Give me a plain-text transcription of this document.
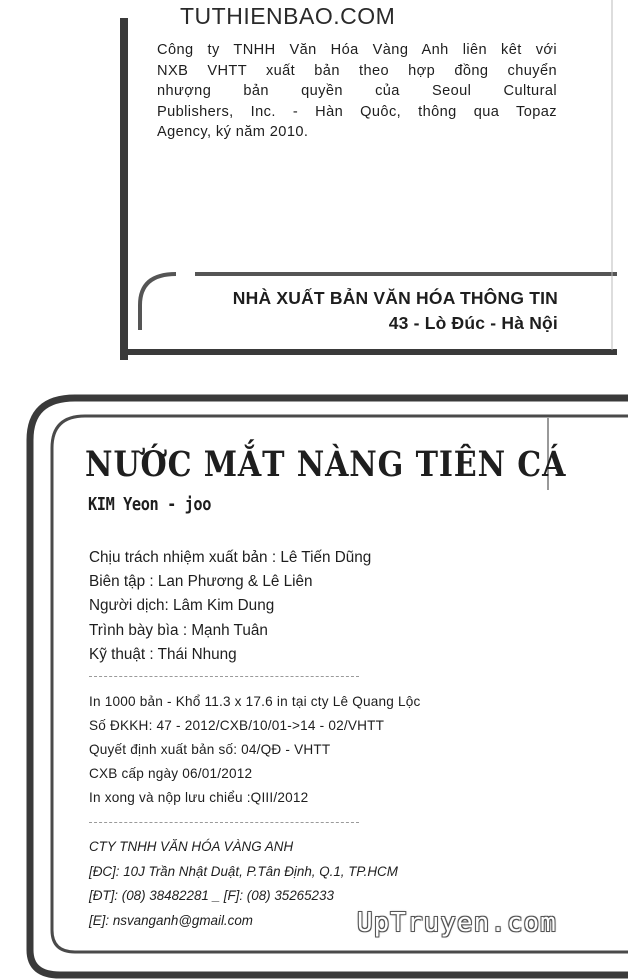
TUTHIENBAO.COM
Công ty TNHH Văn Hóa Vàng Anh liên kêt với
NXB VHTT xuất bản theo hợp đồng chuyển
nhượng bản quyền của Seoul Cultural
Publishers, Inc. - Hàn Quôc, thông qua Topaz
Agency, ký năm 2010.
NHÀ XUẤT BẢN VĂN HÓA THÔNG TIN
43 - Lò Đúc - Hà Nội
NƯỚC MẮT NÀNG TIÊN CÁ
KIM Yeon - joo
Chịu trách nhiệm xuất bản : Lê Tiến Dũng
Biên tập : Lan Phương & Lê Liên
Người dịch: Lâm Kim Dung
Trình bày bìa : Mạnh Tuân
Kỹ thuật : Thái Nhung
In 1000 bản - Khổ 11.3 x 17.6 in tại cty Lê Quang Lộc
Số ĐKKH: 47 - 2012/CXB/10/01->14 - 02/VHTT
Quyết định xuất bản số: 04/QĐ - VHTT
CXB cấp ngày 06/01/2012
In xong và nộp lưu chiểu :QIII/2012
CTY TNHH VĂN HÓA VÀNG ANH
[ĐC]: 10J Trần Nhật Duật, P.Tân Định, Q.1, TP.HCM
[ĐT]: (08) 38482281 _ [F]: (08) 35265233
[E]: nsvanganh@gmail.com	UpTruyen.com
